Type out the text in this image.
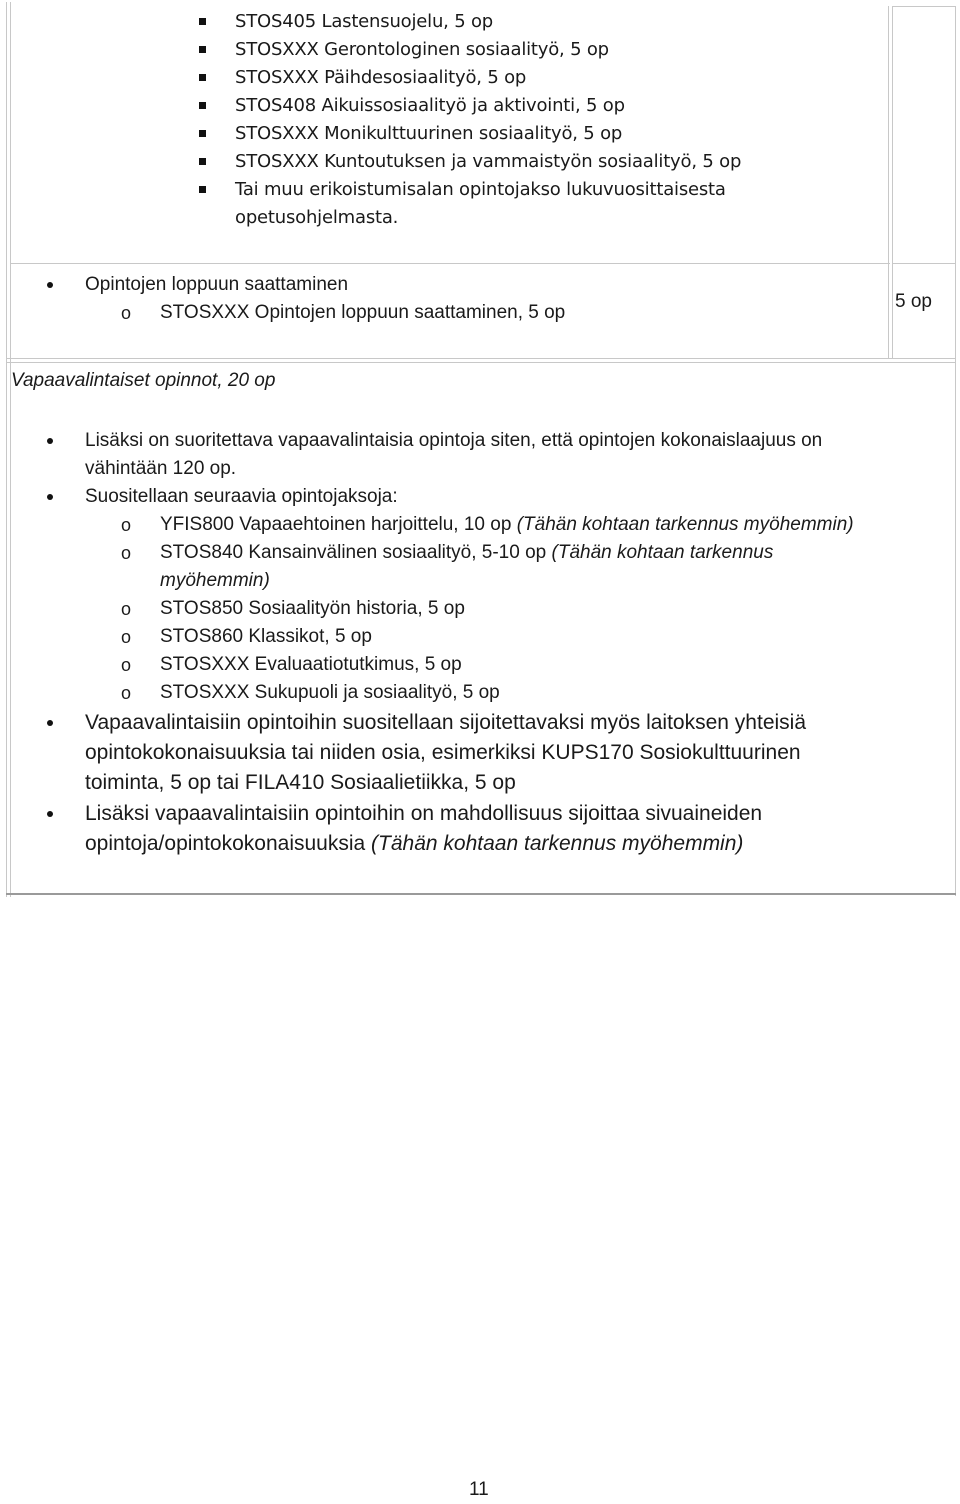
STOS405 Lastensuojelu, 5 op
STOSXXX Gerontologinen sosiaalityö, 5 op
STOSXXX Päihdesosiaalityö, 5 op
STOS408 Aikuissosiaalityö ja aktivointi, 5 op
STOSXXX Monikulttuurinen sosiaalityö, 5 op
STOSXXX Kuntoutuksen ja vammaistyön sosiaalityö, 5 op
Tai muu erikoistumisalan opintojakso lukuvuosittaisesta
opetusohjelmasta.
Opintojen loppuun saattaminen
o STOSXXX Opintojen loppuun saattaminen, 5 op
5 op
Vapaavalintaiset opinnot, 20 op
Lisäksi on suoritettava vapaavalintaisia opintoja siten, että opintojen kokonaislaajuus on
vähintään 120 op.
Suositellaan seuraavia opintojaksoja:
o YFIS800 Vapaaehtoinen harjoittelu, 10 op (Tähän kohtaan tarkennus myöhemmin)
o STOS840 Kansainvälinen sosiaalityö, 5-10 op (Tähän kohtaan tarkennus
myöhemmin)
o STOS850 Sosiaalityön historia, 5 op
o STOS860 Klassikot, 5 op
o STOSXXX Evaluaatiotutkimus, 5 op
o STOSXXX Sukupuoli ja sosiaalityö, 5 op
Vapaavalintaisiin opintoihin suositellaan sijoitettavaksi myös laitoksen yhteisiä
opintokokonaisuuksia tai niiden osia, esimerkiksi KUPS170 Sosiokulttuurinen
toiminta, 5 op tai FILA410 Sosiaalietiikka, 5 op
Lisäksi vapaavalintaisiin opintoihin on mahdollisuus sijoittaa sivuaineiden
opintoja/opintokokonaisuuksia (Tähän kohtaan tarkennus myöhemmin)
11
